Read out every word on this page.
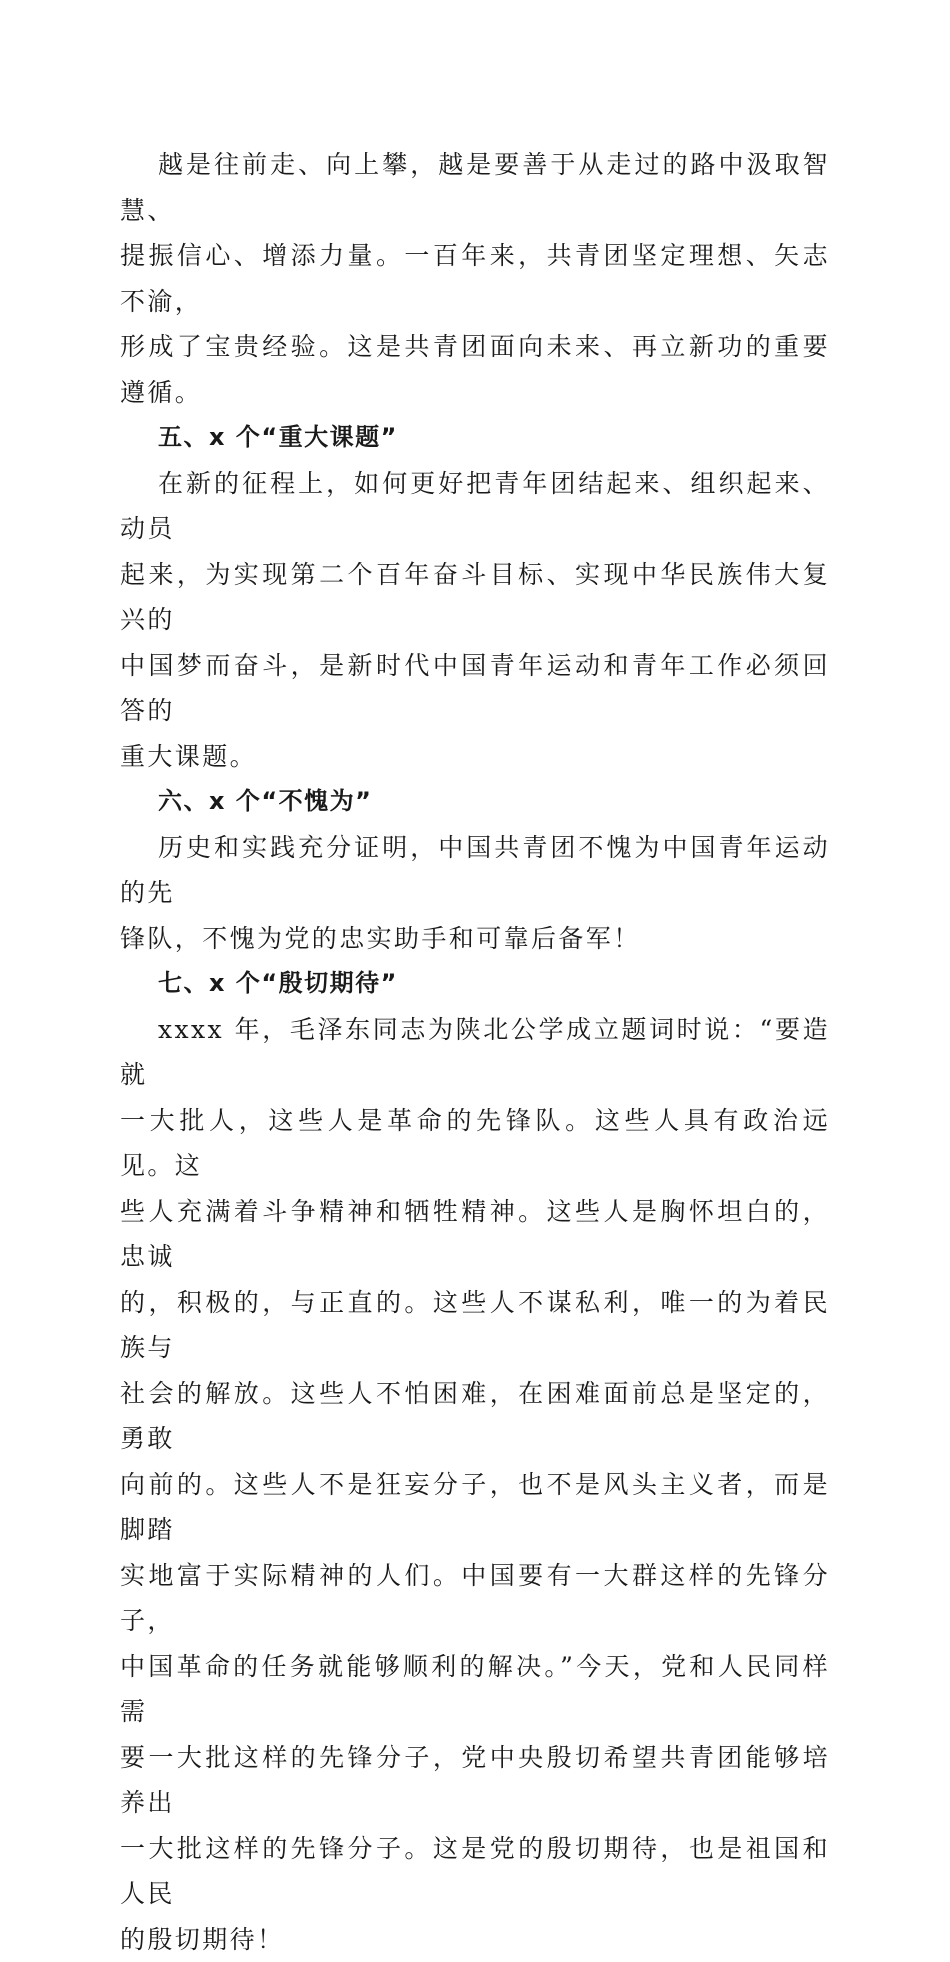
越是往前走、向上攀，越是要善于从走过的路中汲取智慧、
提振信心、增添力量。一百年来，共青团坚定理想、矢志不渝，
形成了宝贵经验。这是共青团面向未来、再立新功的重要遵循。

五、x 个“重大课题”

在新的征程上，如何更好把青年团结起来、组织起来、动员
起来，为实现第二个百年奋斗目标、实现中华民族伟大复兴的
中国梦而奋斗，是新时代中国青年运动和青年工作必须回答的
重大课题。

六、x 个“不愧为”

历史和实践充分证明，中国共青团不愧为中国青年运动的先
锋队，不愧为党的忠实助手和可靠后备军！

七、x 个“殷切期待”

xxxx 年，毛泽东同志为陕北公学成立题词时说：“要造就
一大批人，这些人是革命的先锋队。这些人具有政治远见。这
些人充满着斗争精神和牺牲精神。这些人是胸怀坦白的，忠诚
的，积极的，与正直的。这些人不谋私利，唯一的为着民族与
社会的解放。这些人不怕困难，在困难面前总是坚定的，勇敢
向前的。这些人不是狂妄分子，也不是风头主义者，而是脚踏
实地富于实际精神的人们。中国要有一大群这样的先锋分子，
中国革命的任务就能够顺利的解决。”今天，党和人民同样需
要一大批这样的先锋分子，党中央殷切希望共青团能够培养出
一大批这样的先锋分子。这是党的殷切期待，也是祖国和人民
的殷切期待！
